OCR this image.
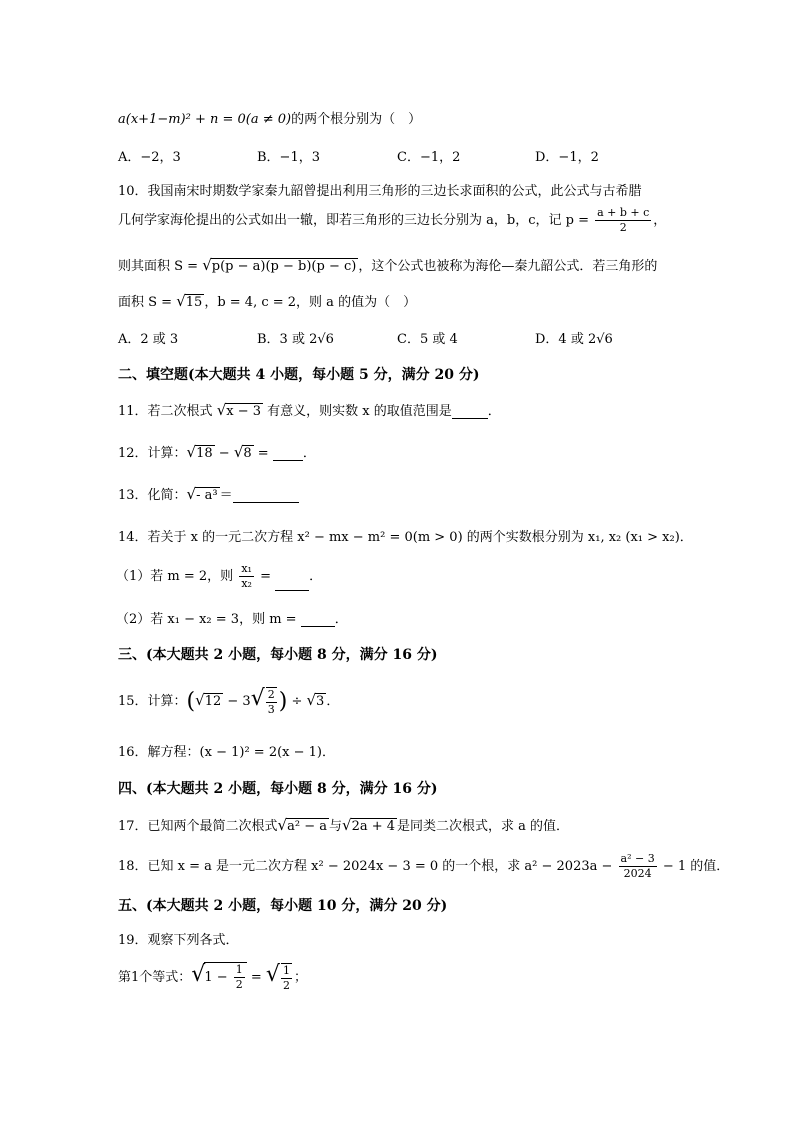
a(x+1−m)² + n = 0(a ≠ 0)的两个根分别为（　）
A．−2，3	B．−1，3	C．−1，2	D．−1，2
10．我国南宋时期数学家秦九韶曾提出利用三角形的三边长求面积的公式，此公式与古希腊
几何学家海伦提出的公式如出一辙，即若三角形的三边长分别为 a，b，c，记 $p = \frac{a + b + c}{2}$ ，
则其面积 S = √p(p − a)(p − b)(p − c) ，这个公式也被称为海伦—秦九韶公式．若三角形的
面积 S = √15 ，b = 4, c = 2，则 a 的值为（　）
A．2 或 3	B．3 或 2√6	C．5 或 4	D．4 或 2√6
二、填空题(本大题共 4 小题，每小题 5 分，满分 20 分)
11．若二次根式 √x − 3 有意义，则实数 x 的取值范围是	．
12．计算：√18 − √8 =  ．
13．化简：√- a³ ＝
14．若关于 x 的一元二次方程 x² − mx − m² = 0(m > 0) 的两个实数根分别为 x₁, x₂ (x₁ > x₂)．
（1）若 m = 2，则 $\frac{\text{x₁}}{\text{x₂}}$ =	．
（2）若 x₁ − x₂ = 3，则 m =	．
三、(本大题共 2 小题，每小题 8 分，满分 16 分)
15．计算：($√12 - 3√ \frac{2}{3}$ ) ÷ √3 ．
16．解方程：(x − 1)² = 2(x − 1)．
四、(本大题共 2 小题，每小题 8 分，满分 16 分)
17．已知两个最简二次根式√a² − a 与√2a + 4 是同类二次根式，求 a 的值．
18．已知 x = a 是一元二次方程 x² − 2024x − 3 = 0 的一个根，求 $a^2 - 2023a - \frac{\text{a² − 3}}{2024} - 1$ 的值．
五、(本大题共 2 小题，每小题 10 分，满分 20 分)
19．观察下列各式．
第1个等式：$√1 - \frac{1}{2}$ = √ $\frac{1}{2}$ ；
